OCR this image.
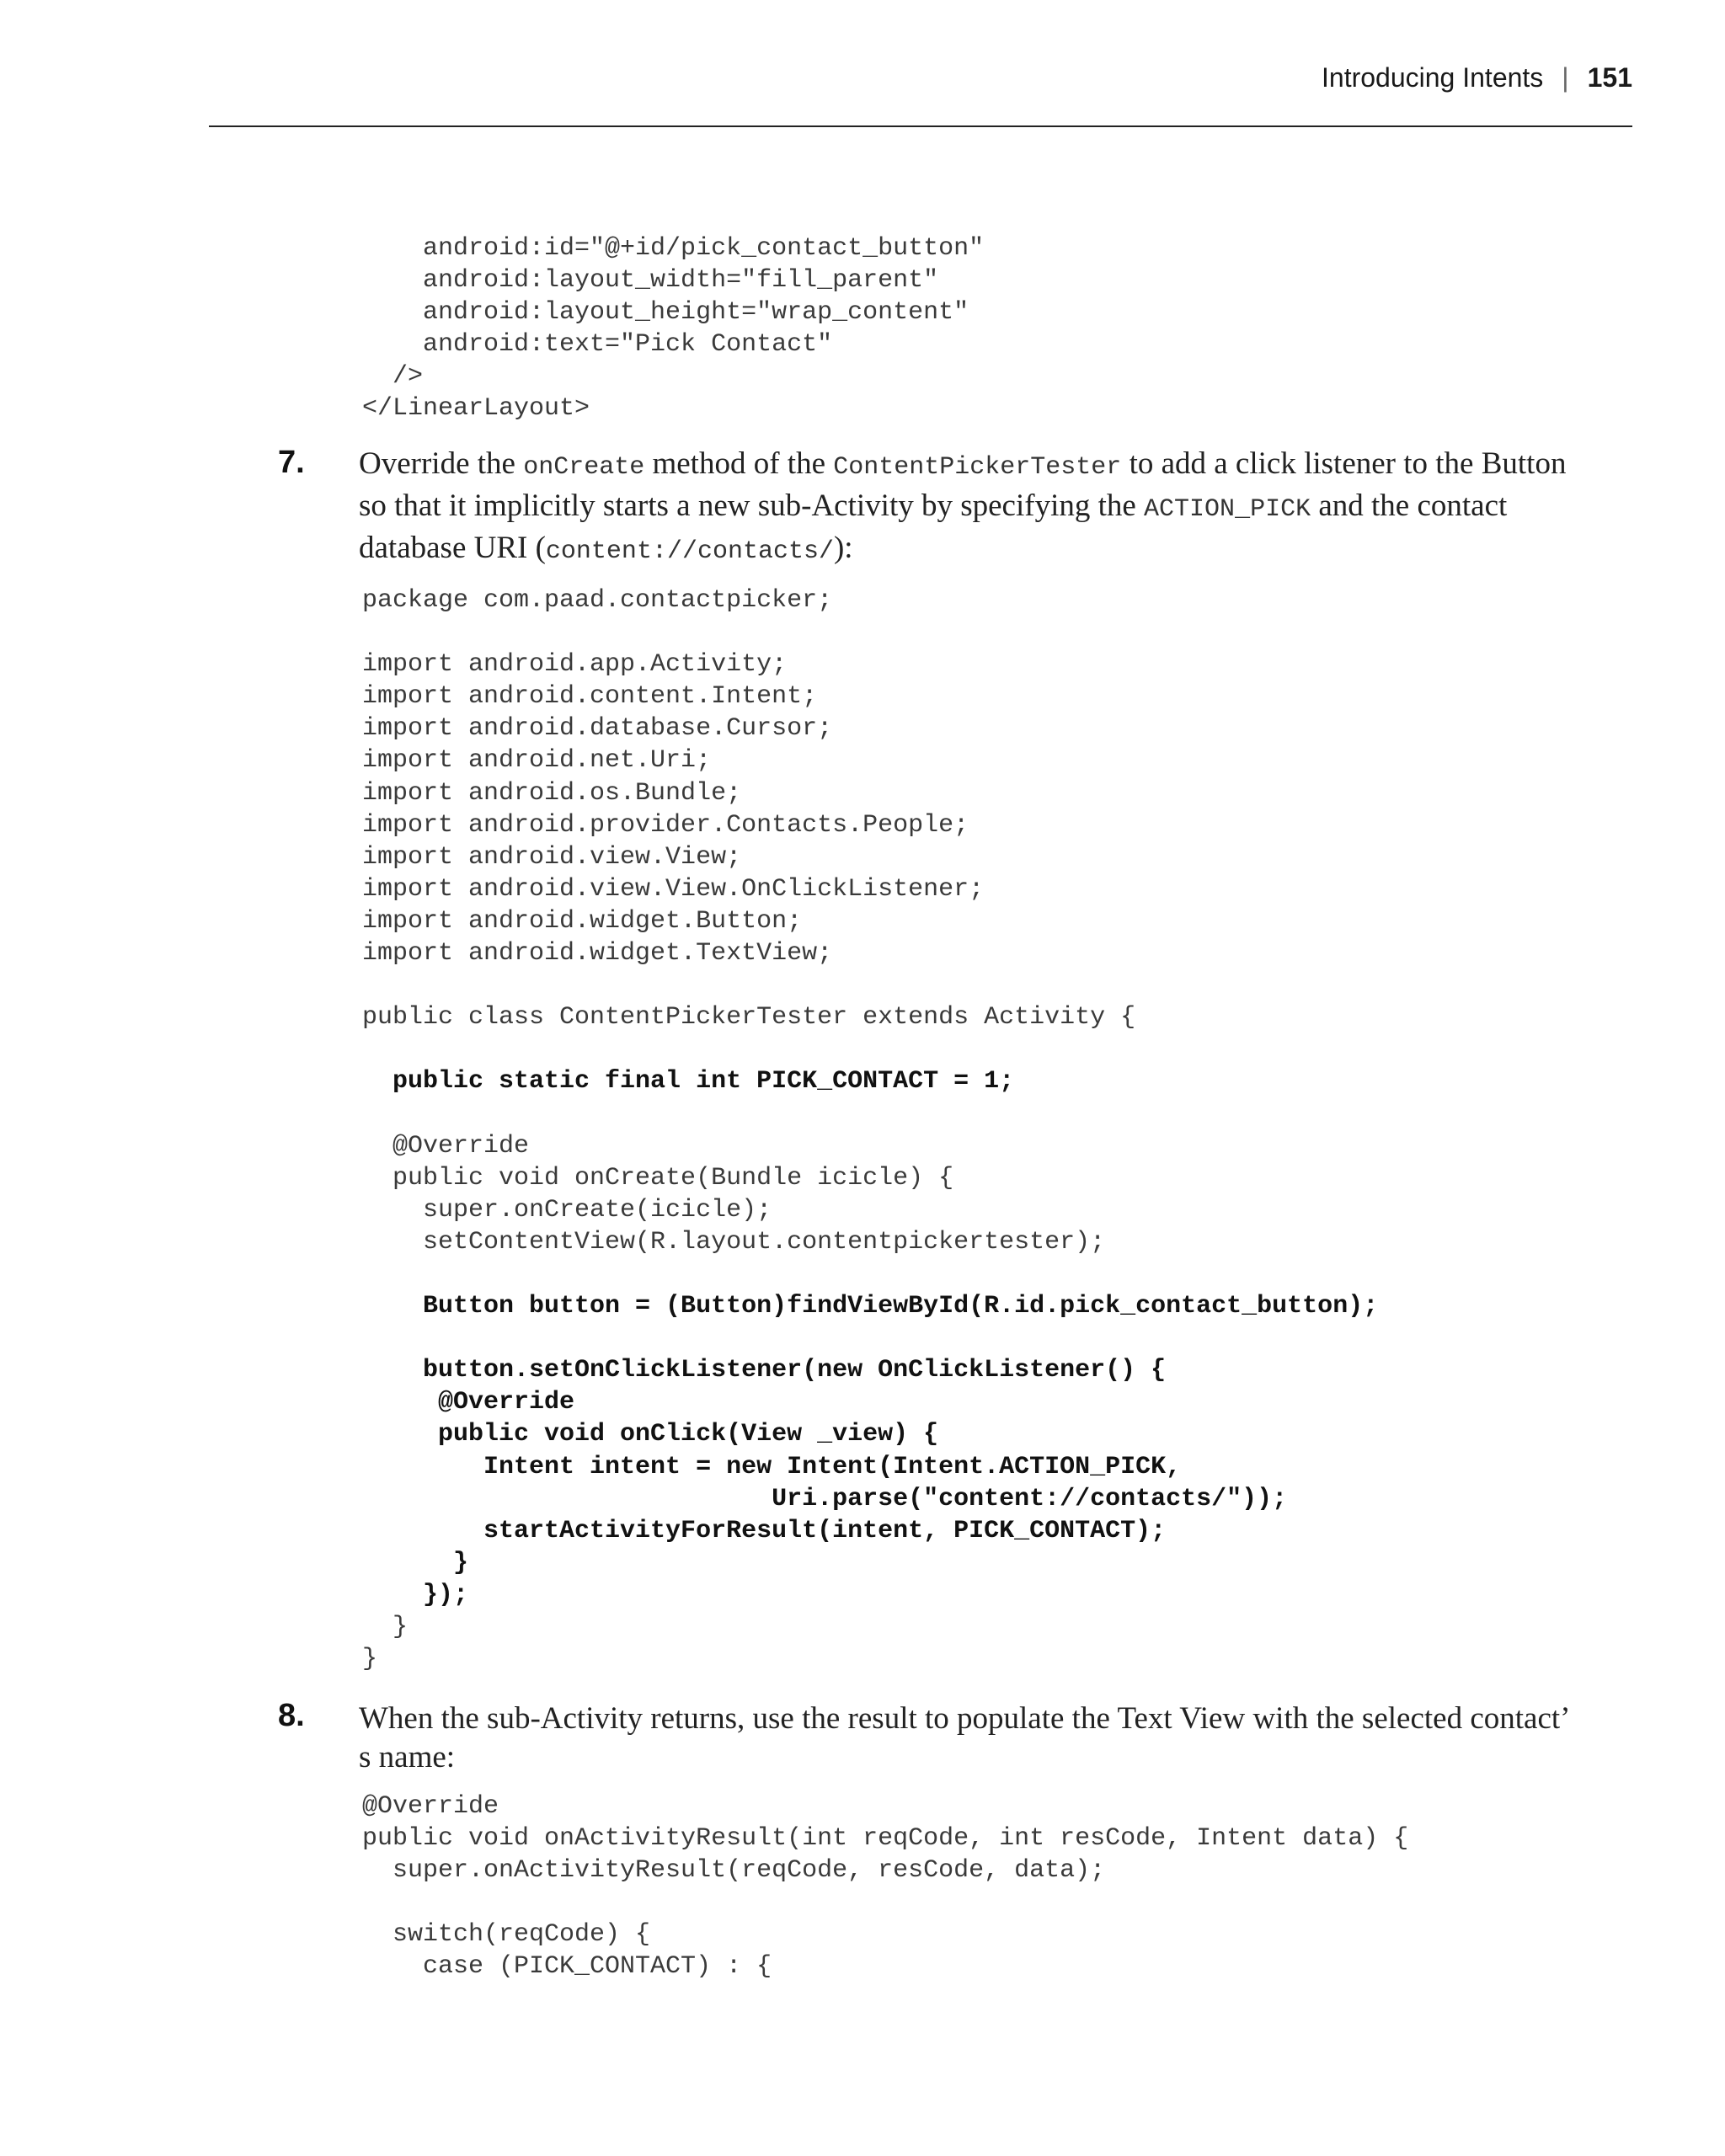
Introducing Intents | 151
android:id="@+id/pick_contact_button"
android:layout_width="fill_parent"
android:layout_height="wrap_content"
android:text="Pick Contact"
/>
</LinearLayout>

7. Override the onCreate method of the ContentPickerTester to add a click listener to the Button so that it implicitly starts a new sub-Activity by specifying the ACTION_PICK and the contact database URI (content://contacts/):

package com.paad.contactpicker;

import android.app.Activity;
import android.content.Intent;
import android.database.Cursor;
import android.net.Uri;
import android.os.Bundle;
import android.provider.Contacts.People;
import android.view.View;
import android.view.View.OnClickListener;
import android.widget.Button;
import android.widget.TextView;

public class ContentPickerTester extends Activity {

public static final int PICK_CONTACT = 1;

@Override
public void onCreate(Bundle icicle) {
super.onCreate(icicle);
setContentView(R.layout.contentpickertester);

Button button = (Button)findViewById(R.id.pick_contact_button);

button.setOnClickListener(new OnClickListener() {
@Override
public void onClick(View _view) {
Intent intent = new Intent(Intent.ACTION_PICK,
Uri.parse("content://contacts/"));
startActivityForResult(intent, PICK_CONTACT);
}
});
}
}

8. When the sub-Activity returns, use the result to populate the Text View with the selected contact’ s name:

@Override
public void onActivityResult(int reqCode, int resCode, Intent data) {
super.onActivityResult(reqCode, resCode, data);

switch(reqCode) {
case (PICK_CONTACT) : {
